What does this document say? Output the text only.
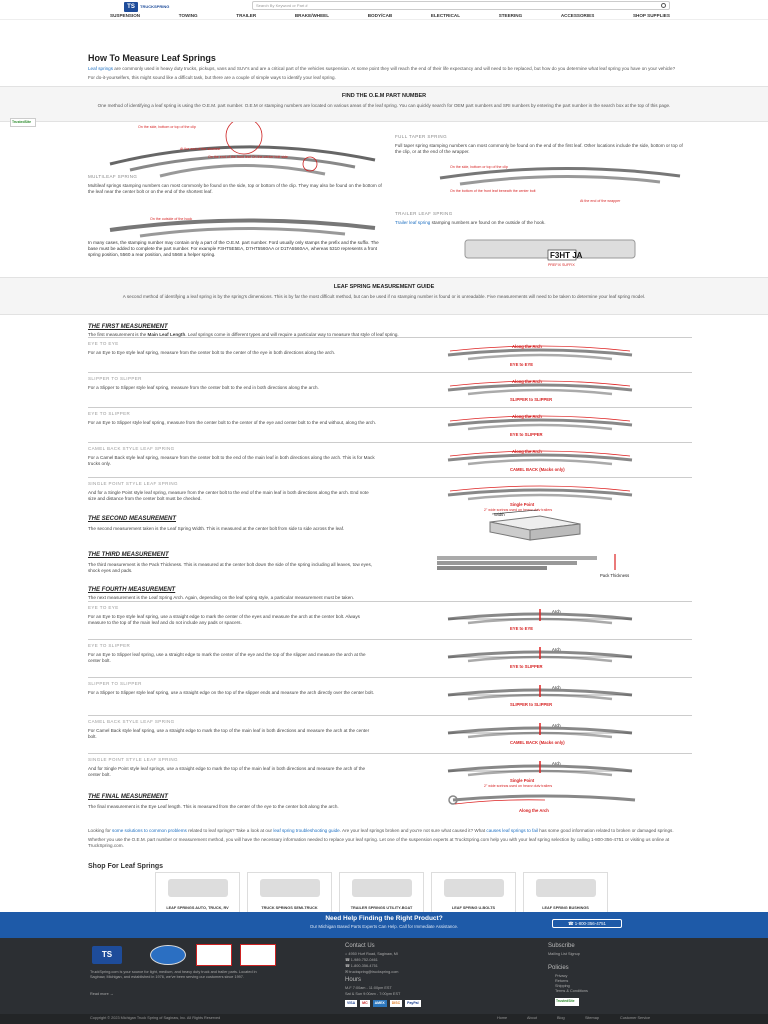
TS	TRUCKSPRING	Search By Keyword or Part #
SUSPENSION	TOWING	TRAILER	BRAKE/WHEEL	BODY/CAB	ELECTRICAL	STEERING	ACCESSORIES	SHOP SUPPLIES
How To Measure Leaf Springs

Leaf springs are commonly used in heavy duty trucks, pickups, vans and SUV's and are a critical part of the vehicles suspension. At some point they will reach the end of their life expectancy and will need to be replaced, but how do you determine what leaf spring you have on your vehicle?

For do-it-yourselfers, this might sound like a difficult task, but there are a couple of simple ways to identify your leaf spring.

FIND THE O.E.M PART NUMBER
One method of identifying a leaf spring is using the O.E.M. part number. O.E.M or stamping numbers are located on various areas of the leaf spring. You can quickly search for OEM part numbers and SRI numbers by entering the part number in the search box at the top of this page.
TrustedSite
On the side, bottom or top of the clip
At the end of the shortest
On the end of the front leaf On the center bolt side
On the outside of the hook
MULTILEAF SPRING
Multileaf springs stamping numbers can most commonly be found on the side, top or bottom of the clip. They may also be found on the bottom of the leaf near the center bolt or on the end of the shortest leaf.
In many cases, the stamping number may contain only a part of the O.E.M. part number. Ford usually only stamps the prefix and the suffix. The base must be added to complete the part number. For example F3HT5E5EA, D7HT5560AA or D1TA5560AA, whereas 5310 represents a front spring position, 5560 a rear position, and 5568 a helper spring.
FULL TAPER SPRING
Full taper spring stamping numbers can most commonly be found on the end of the first leaf. Other locations include the side, bottom or top of the clip, or at the end of the wrapper.
On the side, bottom or top of the clip
On the bottom of the front leaf beneath the center bolt
At the end of the wrapper
TRAILER LEAF SPRING
Trailer leaf spring stamping numbers are found on the outside of the hook.
F3HT JA
PREFIX SUFFIX
LEAF SPRING MEASUREMENT GUIDE
A second method of identifying a leaf spring is by the spring's dimensions. This is by far the most difficult method, but can be used if no stamping number is found or is unreadable. Five measurements will need to be taken to determine your leaf spring model.
THE FIRST MEASUREMENT
The first measurement is the Main Leaf Length. Leaf springs come in different types and will require a particular way to measure that style of leaf spring.
EYE TO EYE
For an Eye to Eye style leaf spring, measure from the center bolt to the center of the eye in both directions along the arch.
Along the Arch
EYE to EYE
SLIPPER TO SLIPPER
For a Slipper to Slipper style leaf spring, measure from the center bolt to the end in both directions along the arch.
Along the Arch
SLIPPER to SLIPPER
EYE TO SLIPPER
For an Eye to Slipper style leaf spring, measure from the center bolt to the center of the eye and center bolt to the end without, along the arch.
Along the Arch
EYE to SLIPPER
CAMEL BACK STYLE LEAF SPRING
For a Camel Back style leaf spring, measure from the center bolt to the end of the main leaf in both directions along the arch. This is for Mack trucks only.
Along the Arch
CAMEL BACK (Macks only)
SINGLE POINT STYLE LEAF SPRING
And for a Single Point style leaf spring, measure from the center bolt to the end of the main leaf in both directions along the arch. End note size and distance from the center bolt must be checked.
Single Point
2" wide springs used on heavy duty trailers
THE SECOND MEASUREMENT
The second measurement taken is the Leaf Spring Width. This is measured at the center bolt from side to side across the leaf.
Width
THE THIRD MEASUREMENT
The third measurement is the Pack Thickness. This is measured at the center bolt down the side of the spring including all leaves, tow eyes, shock eyes and pads.
Pack Thickness
THE FOURTH MEASUREMENT
The next measurement is the Leaf Spring Arch. Again, depending on the leaf spring style, a particular measurement must be taken.
EYE TO EYE
For an Eye to Eye style leaf spring, use a straight edge to mark the center of the eyes and measure the arch at the center bolt. Always measure to the top of the main leaf and do not include any pads or spacers.
Arch
EYE to EYE
EYE TO SLIPPER
For an Eye to Slipper leaf spring, use a straight edge to mark the center of the eye and the top of the slipper and measure the arch at the center bolt.
Arch
EYE to SLIPPER
SLIPPER TO SLIPPER
For a Slipper to Slipper style leaf spring, use a straight edge on the top of the slipper ends and measure the arch directly over the center bolt.
Arch
SLIPPER to SLIPPER
CAMEL BACK STYLE LEAF SPRING
For Camel Back style leaf spring, use a straight edge to mark the top of the main leaf in both directions and measure the arch at the center bolt.
Arch
CAMEL BACK (Macks only)
SINGLE POINT STYLE LEAF SPRING
And for Single Point style leaf springs, use a straight edge to mark the top of the main leaf in both directions and measure the arch of the center bolt.
Arch
Single Point
2" wide springs used on heavy duty trailers
THE FINAL MEASUREMENT
The final measurement is the Eye Leaf length. This is measured from the center of the eye to the center bolt along the arch.
Along the Arch

Looking for some solutions to common problems related to leaf springs? Take a look at our leaf spring troubleshooting guide. Are your leaf springs broken and you're not sure what caused it? What causes leaf springs to fail has some good information related to broken or damaged springs.

Whether you use the O.E.M. part number or measurement method, you will have the necessary information needed to replace your leaf spring. Let one of the suspension experts at TruckSpring.com help you with your leaf spring selection by calling 1-800-356-4751 or visiting us online at TruckSpring.com.

Shop For Leaf Springs
LEAF SPRINGS AUTO, TRUCK, RV	TRUCK SPRINGS SEMI-TRUCK	TRAILER SPRINGS UTILITY-BOAT	LEAF SPRING U-BOLTS	LEAF SPRING BUSHINGS
Need Help Finding the Right Product?
Our Michigan Based Parts Experts Can Help. Call for Immediate Assistance.
☎ 1-800-356-4751
TS
TruckSpring.com is your source for light, medium, and heavy duty truck and trailer parts. Located in Saginaw, Michigan, and established in 1976, we've been serving our customers since 1997.
Read more →
Contact Us
⌂ 4950 Hurf Road, Saginaw, MI
☎ 1-989-752-0461
☎ 1-800-356-4751
✉ truckspring@truckspring.com
Hours
M-F 7:00am - 11:00pm EST
Sat & Sun 9:00am - 7:00pm EST
VISA	MC	AMEX	DISC	PayPal
Subscribe
Mailing List Signup
Policies
Privacy
Returns
Shipping
Terms & Conditions
TrustedSite
Copyright © 2023 Michigan Truck Spring of Saginaw, Inc. All Rights Reserved	Home	About	Blog	Sitemap	Customer Service
